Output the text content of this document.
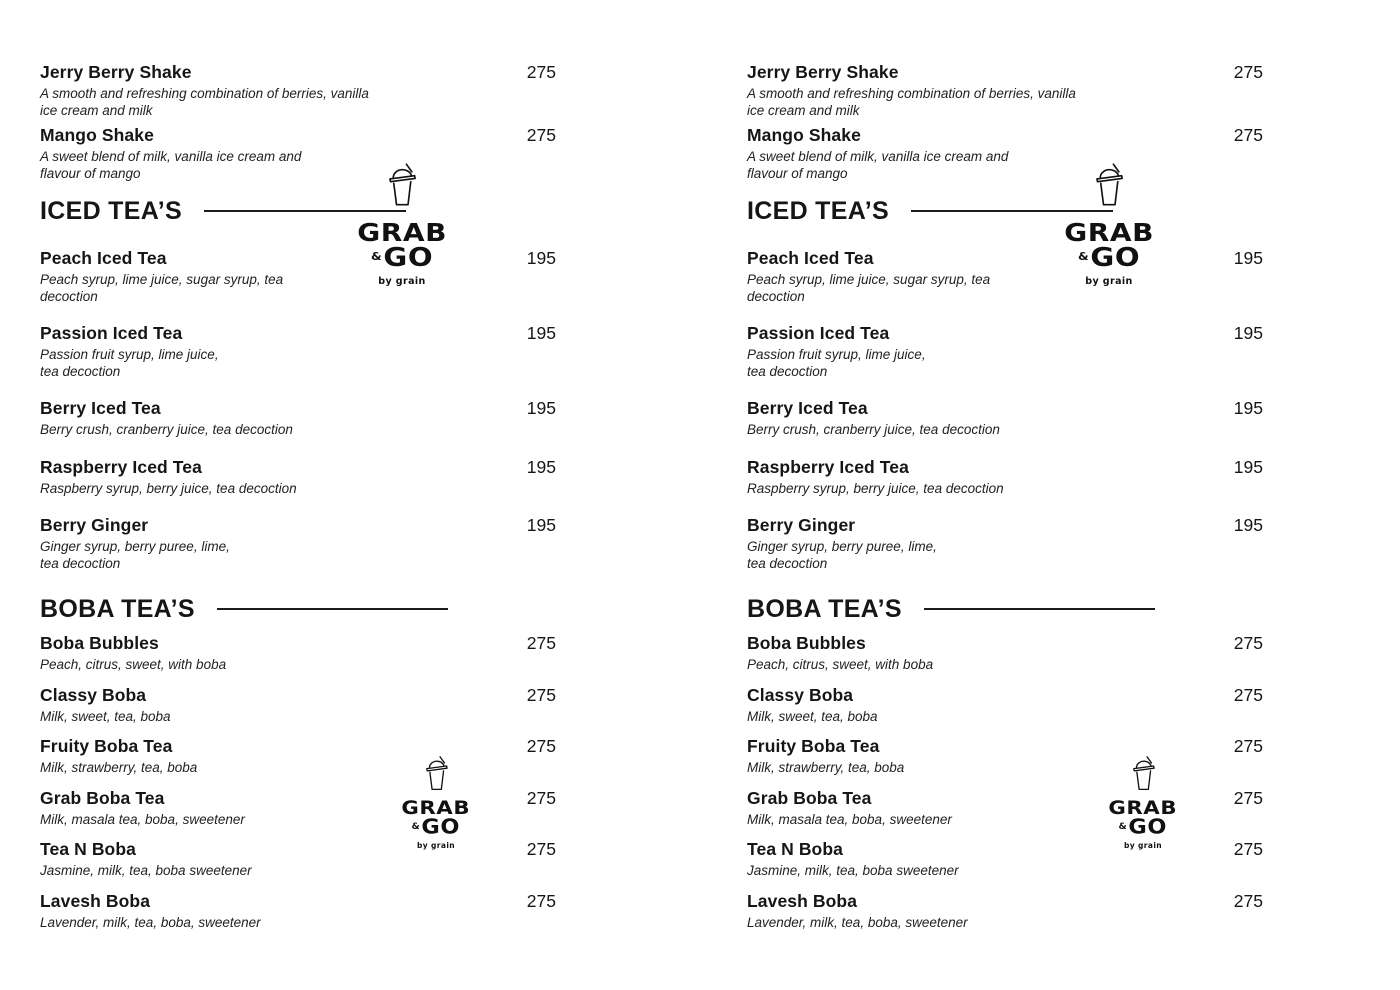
Jerry Berry Shake	275
A smooth and refreshing combination of berries, vanilla
ice cream and milk
Mango Shake	275
A sweet blend of milk, vanilla ice cream and
flavour of mango
ICED TEA’S
GRAB
&GO
by grain
Peach Iced Tea	195
Peach syrup, lime juice, sugar syrup, tea
decoction
Passion Iced Tea	195
Passion fruit syrup, lime juice,
tea decoction
Berry Iced Tea	195
Berry crush, cranberry juice, tea decoction
Raspberry Iced Tea	195
Raspberry syrup, berry juice, tea decoction
Berry Ginger	195
Ginger syrup, berry puree, lime,
tea decoction
BOBA TEA’S
Boba Bubbles	275
Peach, citrus, sweet, with boba
Classy Boba	275
Milk, sweet, tea, boba
Fruity Boba Tea	275
Milk, strawberry, tea, boba
Grab Boba Tea	275
Milk, masala tea, boba, sweetener
Tea N Boba	275
Jasmine, milk, tea, boba sweetener
Lavesh Boba	275
Lavender, milk, tea, boba, sweetener
GRAB
&GO
by grain
Jerry Berry Shake	275
A smooth and refreshing combination of berries, vanilla
ice cream and milk
Mango Shake	275
A sweet blend of milk, vanilla ice cream and
flavour of mango
ICED TEA’S
GRAB
&GO
by grain
Peach Iced Tea	195
Peach syrup, lime juice, sugar syrup, tea
decoction
Passion Iced Tea	195
Passion fruit syrup, lime juice,
tea decoction
Berry Iced Tea	195
Berry crush, cranberry juice, tea decoction
Raspberry Iced Tea	195
Raspberry syrup, berry juice, tea decoction
Berry Ginger	195
Ginger syrup, berry puree, lime,
tea decoction
BOBA TEA’S
Boba Bubbles	275
Peach, citrus, sweet, with boba
Classy Boba	275
Milk, sweet, tea, boba
Fruity Boba Tea	275
Milk, strawberry, tea, boba
Grab Boba Tea	275
Milk, masala tea, boba, sweetener
Tea N Boba	275
Jasmine, milk, tea, boba sweetener
Lavesh Boba	275
Lavender, milk, tea, boba, sweetener
GRAB
&GO
by grain
